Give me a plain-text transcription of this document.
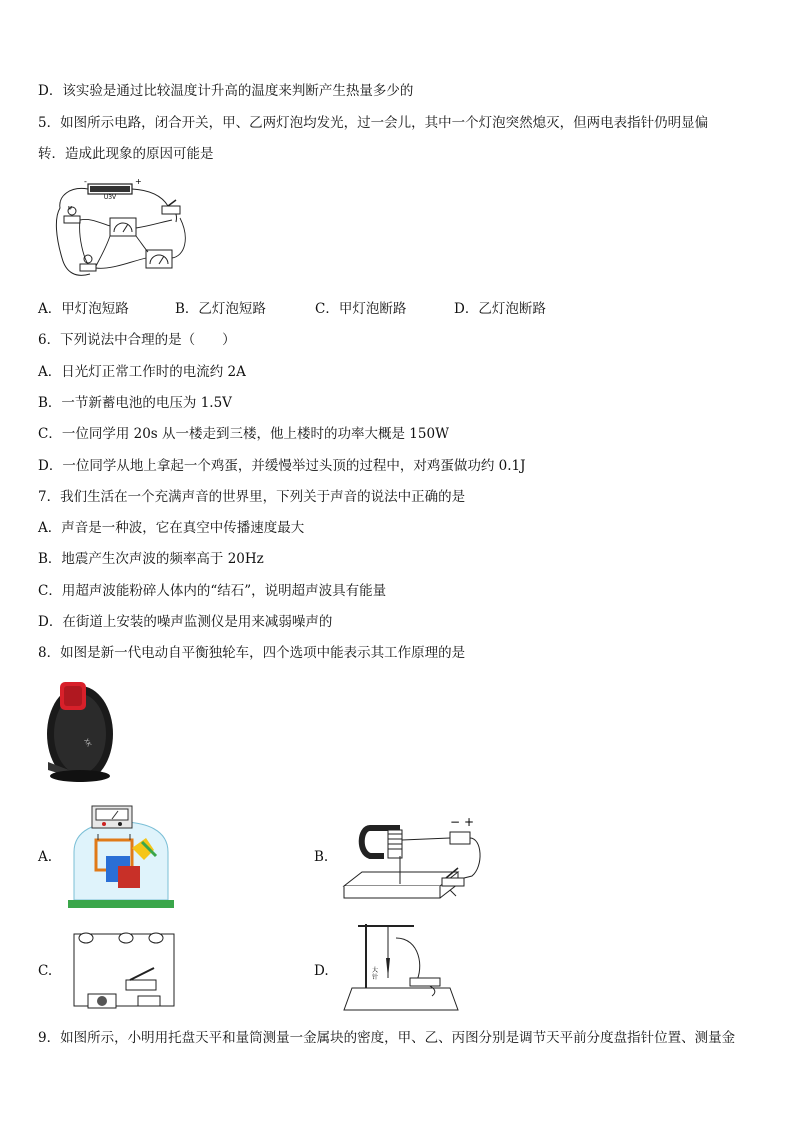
D．该实验是通过比较温度计升高的温度来判断产生热量多少的
5．如图所示电路，闭合开关，甲、乙两灯泡均发光，过一会儿，其中一个灯泡突然熄灭，但两电表指针仍明显偏
转．造成此现象的原因可能是
U3V
-	+
Ψ
A．甲灯泡短路	B．乙灯泡短路	C．甲灯泡断路	D．乙灯泡断路
6．下列说法中合理的是（　　）
A．日光灯正常工作时的电流约 2A
B．一节新蓄电池的电压为 1.5V
C．一位同学用 20s 从一楼走到三楼，他上楼时的功率大概是 150W
D．一位同学从地上拿起一个鸡蛋，并缓慢举过头顶的过程中，对鸡蛋做功约 0.1J
7．我们生活在一个充满声音的世界里，下列关于声音的说法中正确的是
A．声音是一种波，它在真空中传播速度最大
B．地震产生次声波的频率高于 20Hz
C．用超声波能粉碎人体内的“结石”，说明超声波具有能量
D．在街道上安装的噪声监测仪是用来减弱噪声的
8．如图是新一代电动自平衡独轮车，四个选项中能表示其工作原理的是
XK
A.	B.
− +
C.	D.	大
针
9．如图所示，小明用托盘天平和量筒测量一金属块的密度，甲、乙、丙图分别是调节天平前分度盘指针位置、测量金
